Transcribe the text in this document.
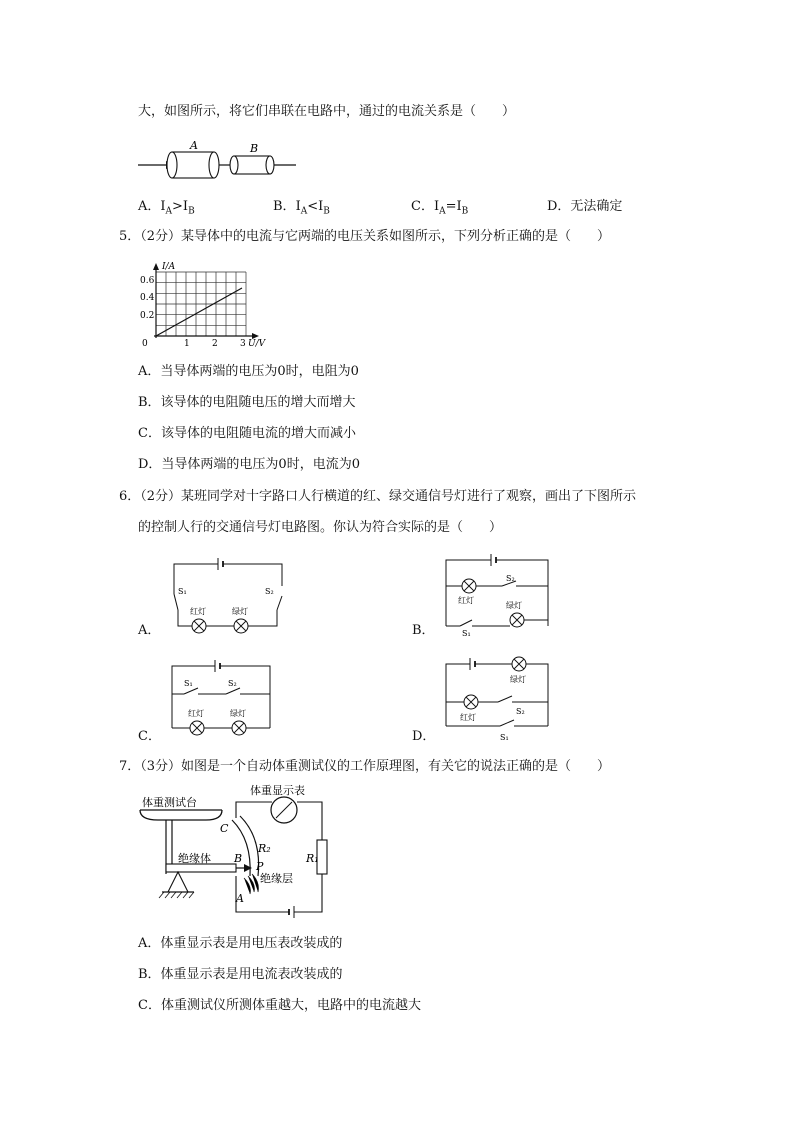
大，如图所示，将它们串联在电路中，通过的电流关系是（　　）
A	B
A．$I_A>I_B$	B．$I_A<I_B$	C．$I_A=I_B$	D．无法确定
5．（2分）某导体中的电流与它两端的电压关系如图所示，下列分析正确的是（　　）
I/A
0.2
0.4
0.6
0	1 2 3 U/V
A．当导体两端的电压为0时，电阻为0
B．该导体的电阻随电压的增大而增大
C．该导体的电阻随电流的增大而减小
D．当导体两端的电压为0时，电流为0
6．（2分）某班同学对十字路口人行横道的红、绿交通信号灯进行了观察，画出了下图所示
的控制人行的交通信号灯电路图。你认为符合实际的是（　　）
A．
S₁	S₂
红灯	绿灯
B．
红灯
S₂
绿灯
S₁
C．
S₁	S₂
红灯	绿灯
D．
绿灯
红灯
S₂
S₁
7．（3分）如图是一个自动体重测试仪的工作原理图，有关它的说法正确的是（　　）
体重测试台
体重显示表
绝缘体
绝缘层
R₁
R₂
C
B
P
A
A．体重显示表是用电压表改装成的
B．体重显示表是用电流表改装成的
C．体重测试仪所测体重越大，电路中的电流越大
